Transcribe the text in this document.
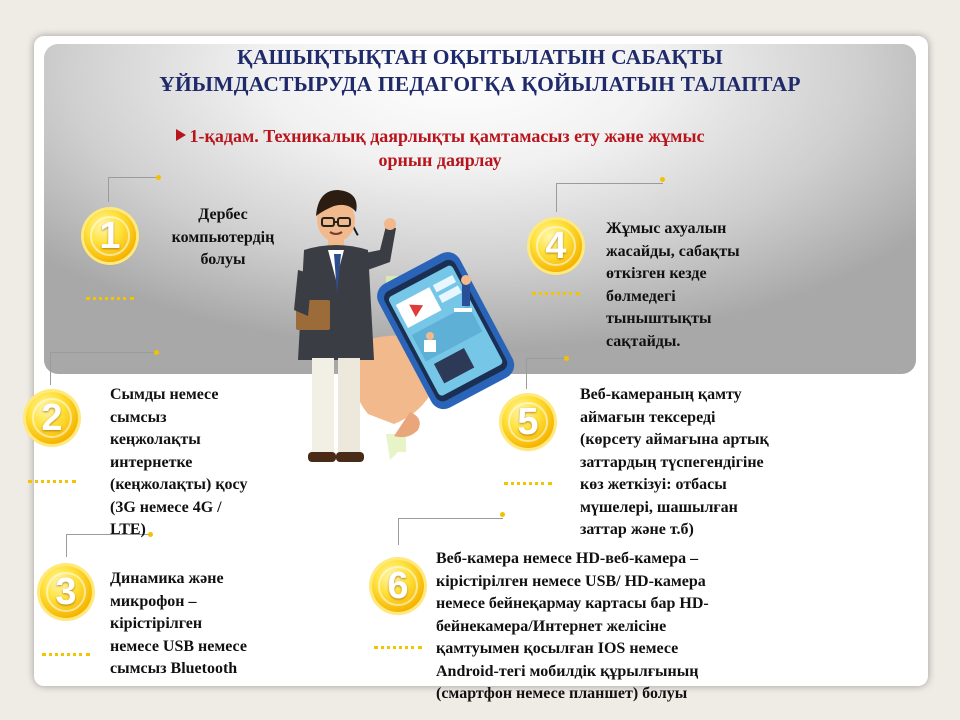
ҚАШЫҚТЫҚТАН ОҚЫТЫЛАТЫН САБАҚТЫ
ҰЙЫМДАСТЫРУДА ПЕДАГОГҚА ҚОЙЫЛАТЫН ТАЛАПТАР
1-қадам. Техникалық даярлықты қамтамасыз ету және жұмыс
орнын даярлау
1
2
3
4
5
6
Дербес
компьютердің
болуы
Сымды немесе
сымсыз
кеңжолақты
интернетке
(кеңжолақты) қосу
(3G немесе 4G /
LTE)
Динамика және
микрофон –
кірістірілген
немесе USB немесе
сымсыз Bluetooth
Жұмыс ахуалын
жасайды, сабақты
өткізген кезде
бөлмедегі
тыныштықты
сақтайды.
Веб-камераның қамту
аймағын тексереді
(көрсету аймағына артық
заттардың түспегендігіне
көз жеткізуі: отбасы
мүшелері, шашылған
заттар және т.б)
Веб-камера немесе HD-веб-камера –
кірістірілген немесе USB/ HD-камера
немесе бейнеқармау картасы бар HD-
бейнекамера/Интернет желісіне
қамтуымен қосылған IOS немесе
Android-тегі мобилдік құрылғының
(смартфон немесе планшет) болуы
